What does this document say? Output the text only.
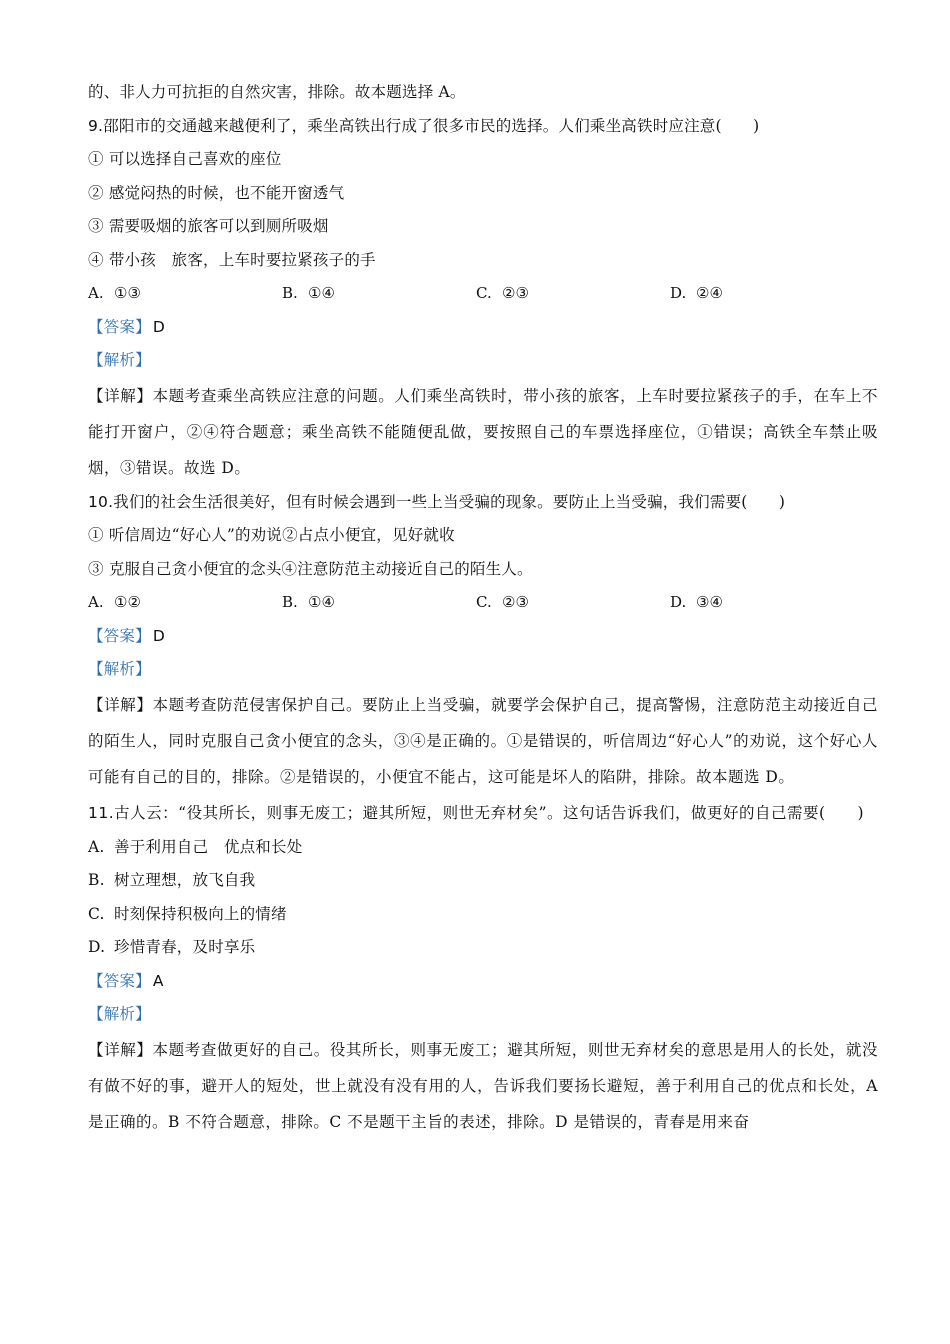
的、非人力可抗拒的自然灾害，排除。故本题选择 A。
9.邵阳市的交通越来越便利了，乘坐高铁出行成了很多市民的选择。人们乘坐高铁时应注意(　　)
① 可以选择自己喜欢的座位
② 感觉闷热的时候，也不能开窗透气
③ 需要吸烟的旅客可以到厕所吸烟
④ 带小孩　旅客，上车时要拉紧孩子的手
A. ①③	B. ①④	C. ②③	D. ②④
【答案】 D
【解析】
【详解】本题考查乘坐高铁应注意的问题。人们乘坐高铁时，带小孩的旅客，上车时要拉紧孩子的手，在车上不能打开窗户，②④符合题意；乘坐高铁不能随便乱做，要按照自己的车票选择座位，①错误；高铁全车禁止吸烟，③错误。故选 D。
10.我们的社会生活很美好，但有时候会遇到一些上当受骗的现象。要防止上当受骗，我们需要(　　)
① 听信周边“好心人”的劝说②占点小便宜，见好就收
③ 克服自己贪小便宜的念头④注意防范主动接近自己的陌生人。
A. ①②	B. ①④	C. ②③	D. ③④
【答案】 D
【解析】
【详解】本题考查防范侵害保护自己。要防止上当受骗，就要学会保护自己，提高警惕，注意防范主动接近自己的陌生人，同时克服自己贪小便宜的念头，③④是正确的。①是错误的，听信周边“好心人”的劝说，这个好心人可能有自己的目的，排除。②是错误的，小便宜不能占，这可能是坏人的陷阱，排除。故本题选 D。
11.古人云：“役其所长，则事无废工；避其所短，则世无弃材矣”。这句话告诉我们，做更好的自己需要(　　)
A. 善于利用自己　优点和长处
B. 树立理想，放飞自我
C. 时刻保持积极向上的情绪
D. 珍惜青春，及时享乐
【答案】 A
【解析】
【详解】本题考查做更好的自己。役其所长，则事无废工；避其所短，则世无弃材矣的意思是用人的长处，就没有做不好的事，避开人的短处，世上就没有没有用的人，告诉我们要扬长避短，善于利用自己的优点和长处，A 是正确的。B 不符合题意，排除。C 不是题干主旨的表述，排除。D 是错误的，青春是用来奋
